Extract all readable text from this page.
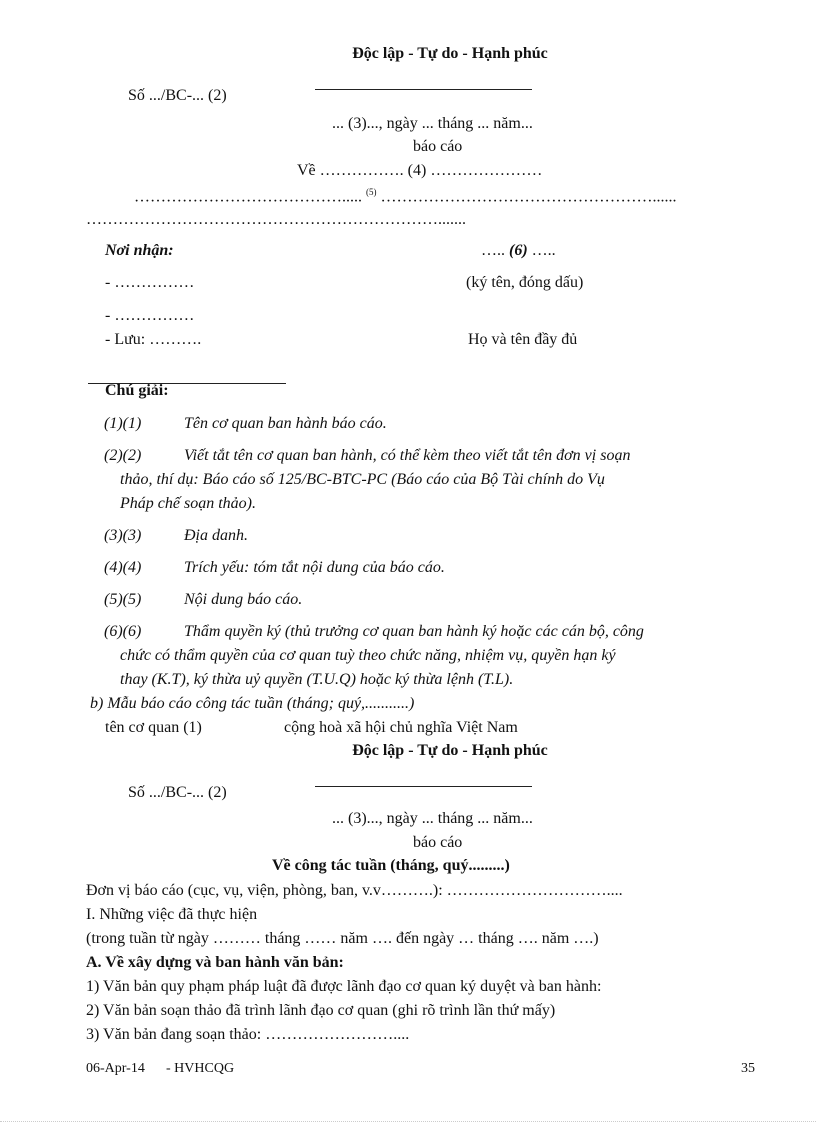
Độc lập - Tự do - Hạnh phúc
Số .../BC-... (2)
... (3)..., ngày ... tháng ... năm...
báo cáo
Về ……………. (4) …………………
…………………………………..... $^{(5)}$ ……………………………………………......
………………………………………………………….......
Nơi nhận:	….. (6) …..
- ……………	(ký tên, đóng dấu)
- ……………
- Lưu: ……….	Họ và tên đầy đủ
Chú giải:
(1)(1)	Tên cơ quan ban hành báo cáo.
(2)(2)	Viết tắt tên cơ quan ban hành, có thể kèm theo viết tắt tên đơn vị soạn
thảo, thí dụ: Báo cáo số 125/BC-BTC-PC (Báo cáo của Bộ Tài chính do Vụ
Pháp chế soạn thảo).
(3)(3)	Địa danh.
(4)(4)	Trích yếu: tóm tắt nội dung của báo cáo.
(5)(5)	Nội dung báo cáo.
(6)(6)	Thẩm quyền ký (thủ trưởng cơ quan ban hành ký hoặc các cán bộ, công
chức có thẩm quyền của cơ quan tuỳ theo chức năng, nhiệm vụ, quyền hạn ký
thay (K.T), ký thừa uỷ quyền (T.U.Q) hoặc ký thừa lệnh (T.L).
b) Mẫu báo cáo công tác tuần (tháng; quý,...........)
tên cơ quan (1)	cộng hoà xã hội chủ nghĩa Việt Nam
Độc lập - Tự do - Hạnh phúc
Số .../BC-... (2)
... (3)..., ngày ... tháng ... năm...
báo cáo
Về công tác tuần (tháng, quý.........)
Đơn vị báo cáo (cục, vụ, viện, phòng, ban, v.v……….): …………………………....
I. Những việc đã thực hiện
(trong tuần từ ngày ……… tháng …… năm …. đến ngày … tháng …. năm ….)
A. Về xây dựng và ban hành văn bản:
1) Văn bản quy phạm pháp luật đã được lãnh đạo cơ quan ký duyệt và ban hành:
2) Văn bản soạn thảo đã trình lãnh đạo cơ quan (ghi rõ trình lần thứ mấy)
3) Văn bản đang soạn thảo: ……………………....
06-Apr-14 - HVHCQG	35
